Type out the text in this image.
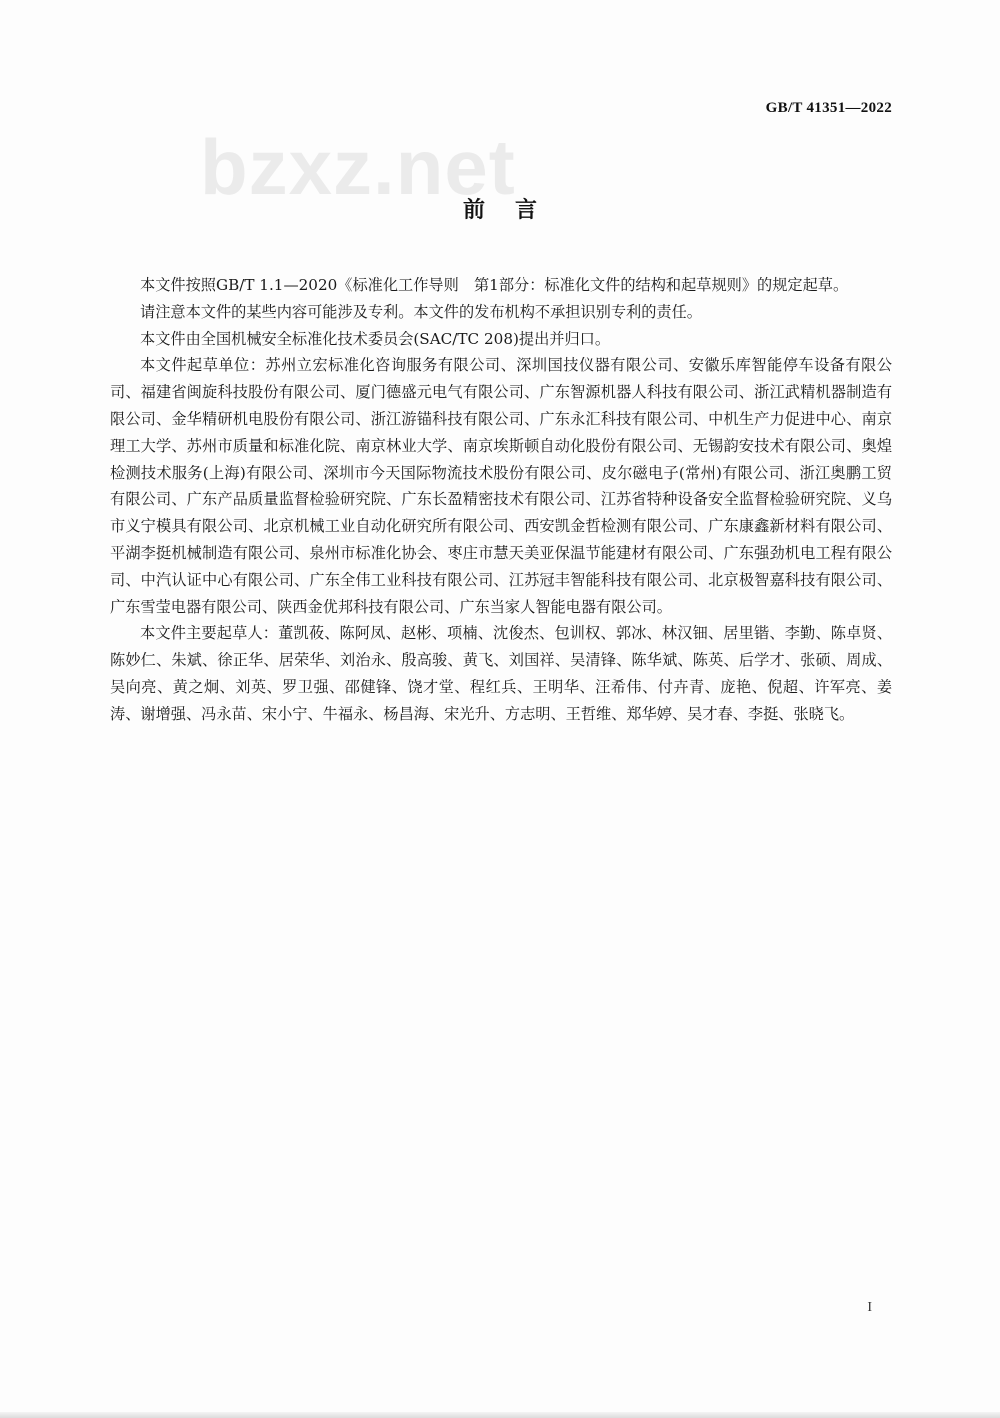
GB/T 41351—2022
bzxz.net
前言

本文件按照GB/T 1.1—2020《标准化工作导则　第1部分：标准化文件的结构和起草规则》的规定起草。

请注意本文件的某些内容可能涉及专利。本文件的发布机构不承担识别专利的责任。

本文件由全国机械安全标准化技术委员会(SAC/TC 208)提出并归口。

本文件起草单位：苏州立宏标准化咨询服务有限公司、深圳国技仪器有限公司、安徽乐库智能停车设备有限公司、福建省闽旋科技股份有限公司、厦门德盛元电气有限公司、广东智源机器人科技有限公司、浙江武精机器制造有限公司、金华精研机电股份有限公司、浙江游锚科技有限公司、广东永汇科技有限公司、中机生产力促进中心、南京理工大学、苏州市质量和标准化院、南京林业大学、南京埃斯顿自动化股份有限公司、无锡韵安技术有限公司、奥煌检测技术服务(上海)有限公司、深圳市今天国际物流技术股份有限公司、皮尔磁电子(常州)有限公司、浙江奥鹏工贸有限公司、广东产品质量监督检验研究院、广东长盈精密技术有限公司、江苏省特种设备安全监督检验研究院、义乌市义宁模具有限公司、北京机械工业自动化研究所有限公司、西安凯金哲检测有限公司、广东康鑫新材料有限公司、平湖李挺机械制造有限公司、泉州市标准化协会、枣庄市慧天美亚保温节能建材有限公司、广东强劲机电工程有限公司、中汽认证中心有限公司、广东全伟工业科技有限公司、江苏冠丰智能科技有限公司、北京极智嘉科技有限公司、广东雪莹电器有限公司、陕西金优邦科技有限公司、广东当家人智能电器有限公司。

本文件主要起草人：董凯莜、陈阿凤、赵彬、项楠、沈俊杰、包训权、郭冰、林汉钿、居里锴、李勤、陈卓贤、陈妙仁、朱斌、徐正华、居荣华、刘治永、殷高骏、黄飞、刘国祥、吴清锋、陈华斌、陈英、后学才、张硕、周成、吴向亮、黄之炯、刘英、罗卫强、邵健锋、饶才堂、程红兵、王明华、汪希伟、付卉青、庞艳、倪超、许军亮、姜涛、谢增强、冯永苗、宋小宁、牛福永、杨昌海、宋光升、方志明、王哲维、郑华婷、吴才春、李挺、张晓飞。

I
